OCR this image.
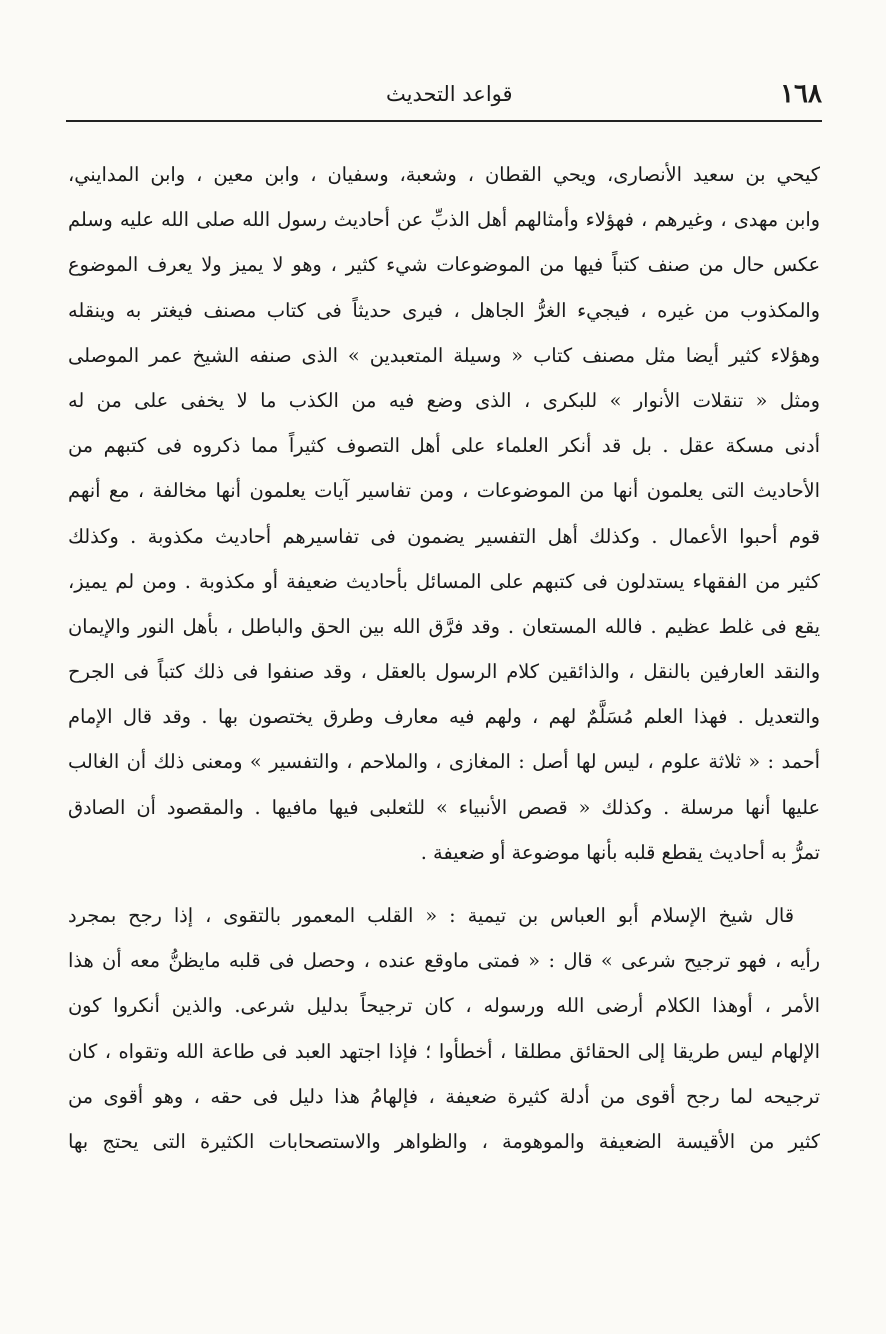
١٦٨
قواعد التحديث
كيحي بن سعيد الأنصارى، ويحي القطان ، وشعبة، وسفيان ، وابن معين ، وابن المدايني،
وابن مهدى ، وغيرهم ، فهؤلاء وأمثالهم أهل الذبِّ عن أحاديث رسول الله صلى الله عليه وسلم
عكس حال من صنف كتباً فيها من الموضوعات شيء كثير ، وهو لا يميز ولا يعرف الموضوع
والمكذوب من غيره ، فيجيء الغرُّ الجاهل ، فيرى حديثاً فى كتاب مصنف فيغتر به وينقله
وهؤلاء كثير أيضا مثل مصنف كتاب « وسيلة المتعبدين » الذى صنفه الشيخ عمر الموصلى
ومثل « تنقلات الأنوار » للبكرى ، الذى وضع فيه من الكذب ما لا يخفى على من له
أدنى مسكة عقل . بل قد أنكر العلماء على أهل التصوف كثيراً مما ذكروه فى كتبهم من
الأحاديث التى يعلمون أنها من الموضوعات ، ومن تفاسير آيات يعلمون أنها مخالفة ، مع أنهم
قوم أحبوا الأعمال . وكذلك أهل التفسير يضمون فى تفاسيرهم أحاديث مكذوبة . وكذلك
كثير من الفقهاء يستدلون فى كتبهم على المسائل بأحاديث ضعيفة أو مكذوبة . ومن لم يميز،
يقع فى غلط عظيم . فالله المستعان . وقد فرَّق الله بين الحق والباطل ، بأهل النور والإيمان
والنقد العارفين بالنقل ، والذائقين كلام الرسول بالعقل ، وقد صنفوا فى ذلك كتباً فى الجرح
والتعديل . فهذا العلم مُسَلَّمٌ لهم ، ولهم فيه معارف وطرق يختصون بها . وقد قال الإمام
أحمد : « ثلاثة علوم ، ليس لها أصل : المغازى ، والملاحم ، والتفسير » ومعنى ذلك أن الغالب
عليها أنها مرسلة . وكذلك « قصص الأنبياء » للثعلبى فيها مافيها . والمقصود أن الصادق
تمرُّ به أحاديث يقطع قلبه بأنها موضوعة أو ضعيفة .
قال شيخ الإسلام أبو العباس بن تيمية : « القلب المعمور بالتقوى ، إذا رجح بمجرد
رأيه ، فهو ترجيح شرعى » قال : « فمتى ماوقع عنده ، وحصل فى قلبه مايظنُّ معه أن هذا
الأمر ، أوهذا الكلام أرضى الله ورسوله ، كان ترجيحاً بدليل شرعى. والذين أنكروا كون
الإلهام ليس طريقا إلى الحقائق مطلقا ، أخطأوا ؛ فإذا اجتهد العبد فى طاعة الله وتقواه ، كان
ترجيحه لما رجح أقوى من أدلة كثيرة ضعيفة ، فإلهامُ هذا دليل فى حقه ، وهو أقوى من
كثير من الأقيسة الضعيفة والموهومة ، والظواهر والاستصحابات الكثيرة التى يحتج بها
